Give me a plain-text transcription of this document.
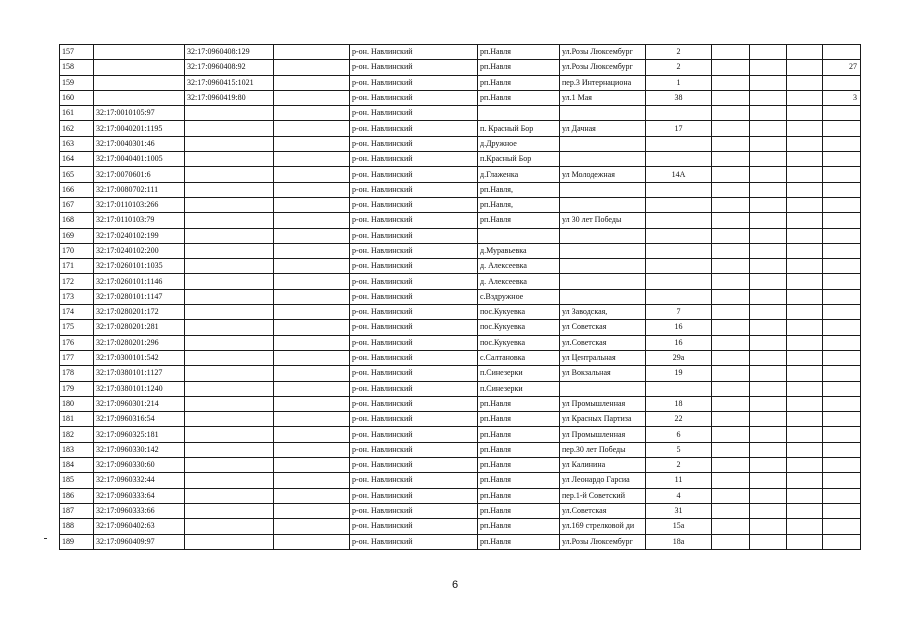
157		32:17:0960408:129		р-он. Навлинский	рп.Навля	ул.Розы Люксембург	2				
158		32:17:0960408:92		р-он. Навлинский	рп.Навля	ул.Розы Люксембург	2				27
159		32:17:0960415:1021		р-он. Навлинский	рп.Навля	пер.3 Интернациона	1				
160		32:17:0960419:80		р-он. Навлинский	рп.Навля	ул.1 Мая	38				3
161	32:17:0010105:97			р-он. Навлинский							
162	32:17:0040201:1195			р-он. Навлинский	п. Красный Бор	ул Дачная	17				
163	32:17:0040301:46			р-он. Навлинский	д.Дружное						
164	32:17:0040401:1005			р-он. Навлинский	п.Красный Бор						
165	32:17:0070601:6			р-он. Навлинский	д.Глаженка	ул Молодежная	14А				
166	32:17:0080702:111			р-он. Навлинский	рп.Навля,						
167	32:17:0110103:266			р-он. Навлинский	рп.Навля,						
168	32:17:0110103:79			р-он. Навлинский	рп.Навля	ул 30 лет Победы					
169	32:17:0240102:199			р-он. Навлинский							
170	32:17:0240102:200			р-он. Навлинский	д.Муравьевка						
171	32:17:0260101:1035			р-он. Навлинский	д. Алексеевка						
172	32:17:0260101:1146			р-он. Навлинский	д. Алексеевка						
173	32:17:0280101:1147			р-он. Навлинский	с.Вздружное						
174	32:17:0280201:172			р-он. Навлинский	пос.Кукуевка	ул Заводская,	7				
175	32:17:0280201:281			р-он. Навлинский	пос.Кукуевка	ул Советская	16				
176	32:17:0280201:296			р-он. Навлинский	пос.Кукуевка	ул.Советская	16				
177	32:17:0300101:542			р-он. Навлинский	с.Салтановка	ул Центральная	29а				
178	32:17:0380101:1127			р-он. Навлинский	п.Синезерки	ул Вокзальная	19				
179	32:17:0380101:1240			р-он. Навлинский	п.Синезерки						
180	32:17:0960301:214			р-он. Навлинский	рп.Навля	ул Промышленная	18				
181	32:17:0960316:54			р-он. Навлинский	рп.Навля	ул Красных Партиза	22				
182	32:17:0960325:181			р-он. Навлинский	рп.Навля	ул Промышленная	6				
183	32:17:0960330:142			р-он. Навлинский	рп.Навля	пер.30 лет Победы	5				
184	32:17:0960330:60			р-он. Навлинский	рп.Навля	ул Калинина	2				
185	32:17:0960332:44			р-он. Навлинский	рп.Навля	ул Леонардо Гарсиа	11				
186	32:17:0960333:64			р-он. Навлинский	рп.Навля	пер.1-й Советский	4				
187	32:17:0960333:66			р-он. Навлинский	рп.Навля	ул.Советская	31				
188	32:17:0960402:63			р-он. Навлинский	рп.Навля	ул.169 стрелковой ди	15а				
189	32:17:0960409:97			р-он. Навлинский	рп.Навля	ул.Розы Люксембург	18а				
6
